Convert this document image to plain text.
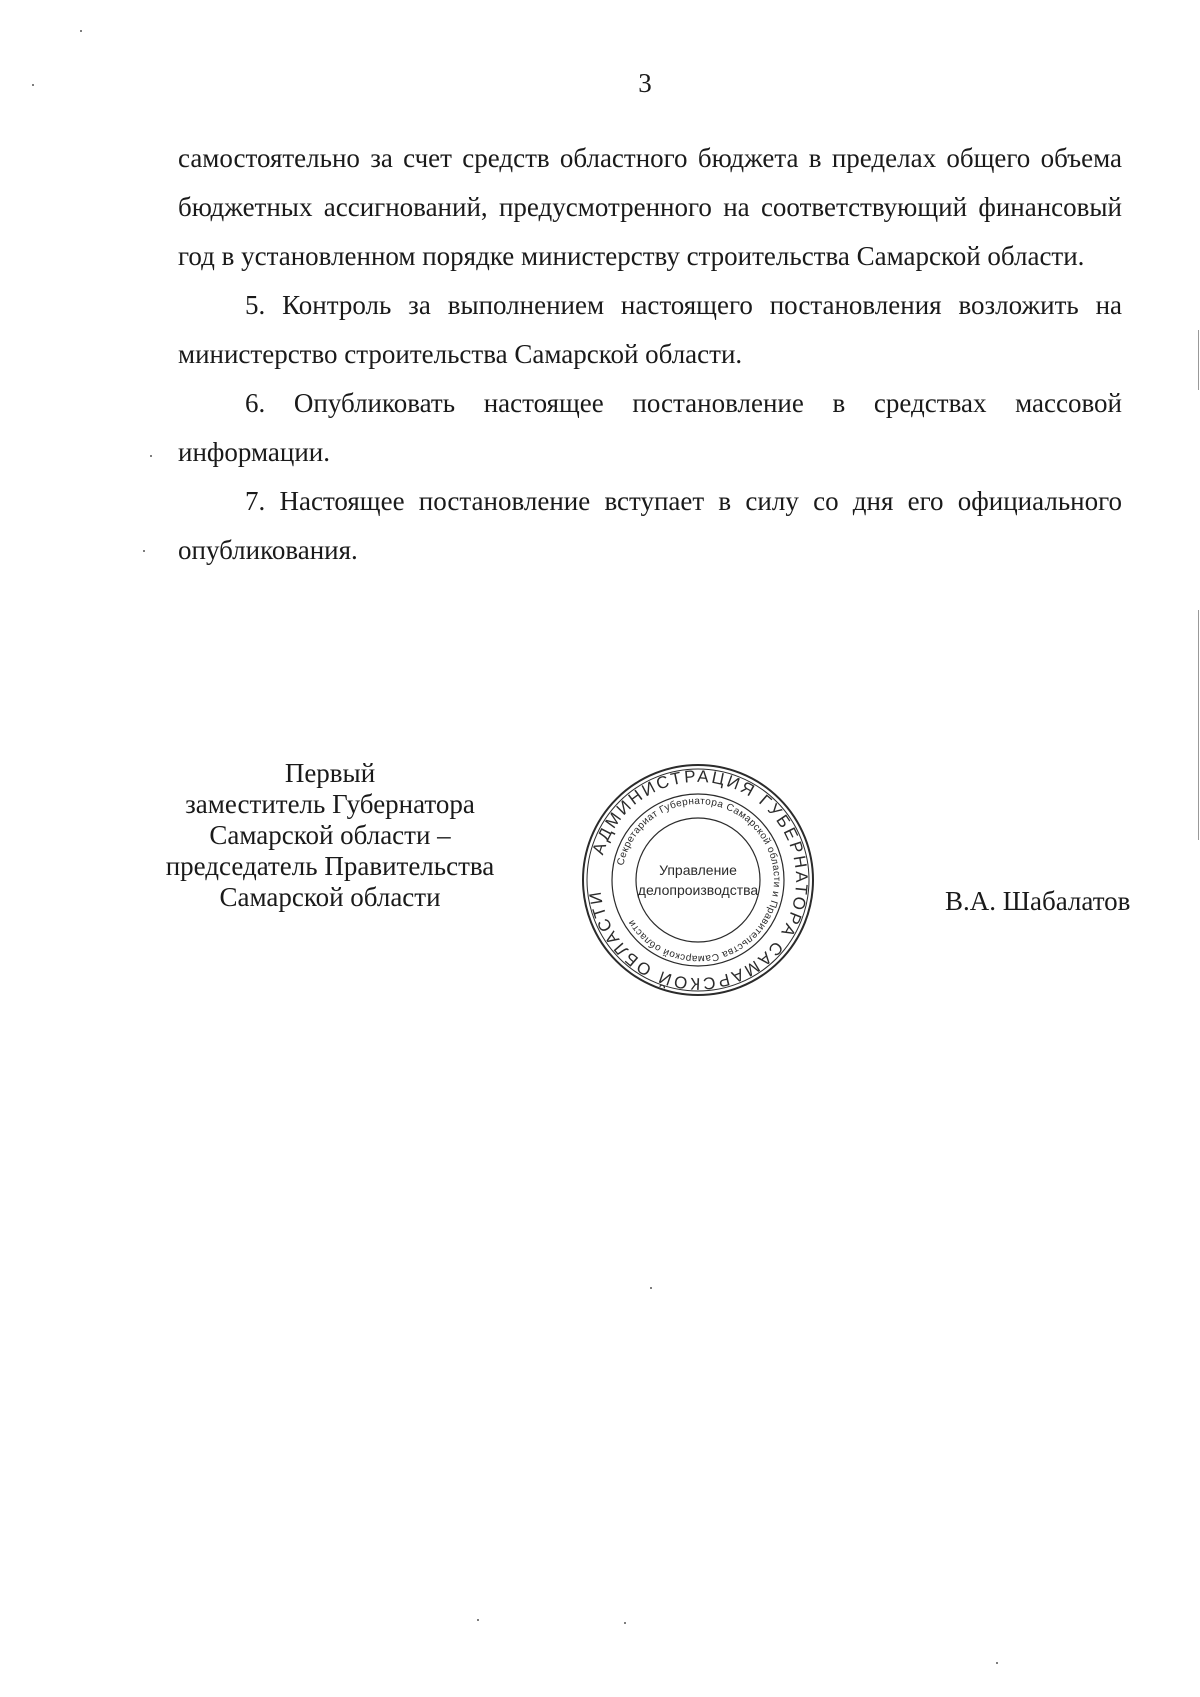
3

самостоятельно за счет средств областного бюджета в пределах общего объема бюджетных ассигнований, предусмотренного на соответствующий финансовый год в установленном порядке министерству строительства Самарской области.

5. Контроль за выполнением настоящего постановления возложить на министерство строительства Самарской области.

6. Опубликовать настоящее постановление в средствах массовой информации.

7. Настоящее постановление вступает в силу со дня его официального опубликования.

Первый
заместитель Губернатора
Самарской области –
председатель Правительства
Самарской области
АДМИНИСТРАЦИЯ ГУБЕРНАТОРА САМАРСКОЙ ОБЛАСТИ
Секретариат Губернатора Самарской области и Правительства Самарской области
Управление
делопроизводства	В.А. Шабалатов
